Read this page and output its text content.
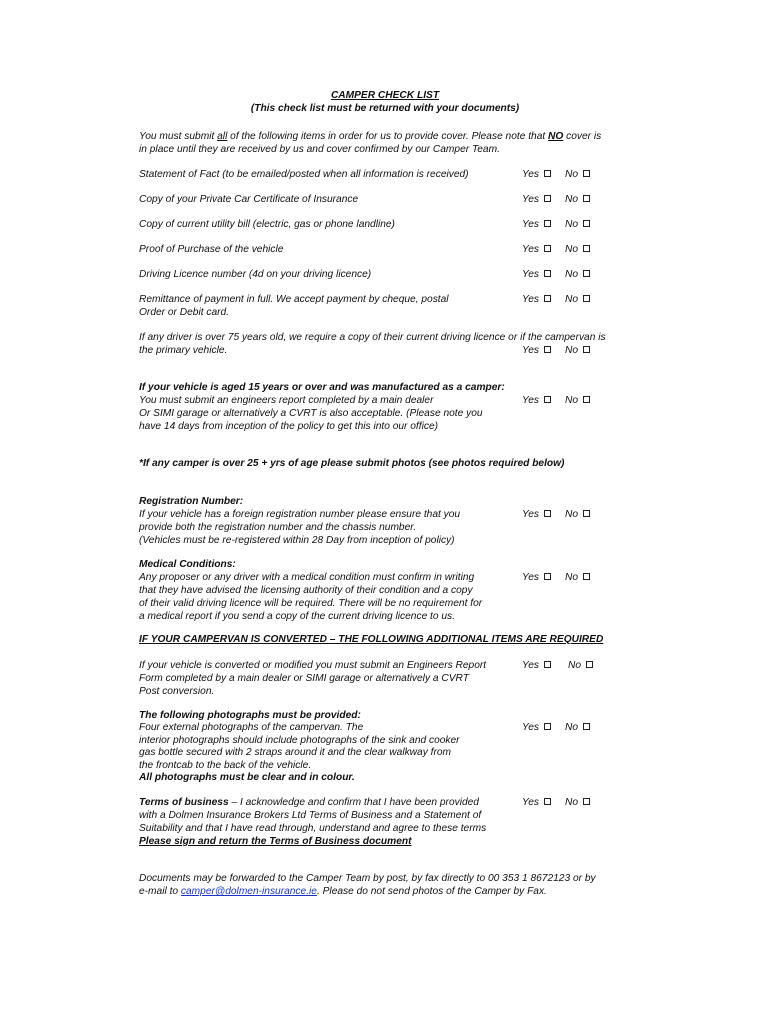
CAMPER CHECK LIST
(This check list must be returned with your documents)
You must submit all of the following items in order for us to provide cover. Please note that NO cover is
in place until they are received by us and cover confirmed by our Camper Team.
Statement of Fact (to be emailed/posted when all information is received)	Yes	No
Copy of your Private Car Certificate of Insurance	Yes	No
Copy of current utility bill (electric, gas or phone landline)	Yes	No
Proof of Purchase of the vehicle	Yes	No
Driving Licence number (4d on your driving licence)	Yes	No
Remittance of payment in full. We accept payment by cheque, postal
Order or Debit card.
Yes	No
If any driver is over 75 years old, we require a copy of their current driving licence or if the campervan is
the primary vehicle.	Yes	No
If your vehicle is aged 15 years or over and was manufactured as a camper:
You must submit an engineers report completed by a main dealer
Or SIMI garage or alternatively a CVRT is also acceptable. (Please note you
have 14 days from inception of the policy to get this into our office)
Yes	No
*If any camper is over 25 + yrs of age please submit photos (see photos required below)
Registration Number:
If your vehicle has a foreign registration number please ensure that you
provide both the registration number and the chassis number.
(Vehicles must be re-registered within 28 Day from inception of policy)
Yes	No
Medical Conditions:
Any proposer or any driver with a medical condition must confirm in writing
that they have advised the licensing authority of their condition and a copy
of their valid driving licence will be required. There will be no requirement for
a medical report if you send a copy of the current driving licence to us.
Yes	No
IF YOUR CAMPERVAN IS CONVERTED – THE FOLLOWING ADDITIONAL ITEMS ARE REQUIRED
If your vehicle is converted or modified you must submit an Engineers Report
Form completed by a main dealer or SIMI garage or alternatively a CVRT
Post conversion.
Yes	No
The following photographs must be provided:
Four external photographs of the campervan. The
interior photographs should include photographs of the sink and cooker
gas bottle secured with 2 straps around it and the clear walkway from
the frontcab to the back of the vehicle.
All photographs must be clear and in colour.
Yes	No
Terms of business – I acknowledge and confirm that I have been provided
with a Dolmen Insurance Brokers Ltd Terms of Business and a Statement of
Suitability and that I have read through, understand and agree to these terms
Please sign and return the Terms of Business document
Yes	No
Documents may be forwarded to the Camper Team by post, by fax directly to 00 353 1 8672123 or by
e-mail to camper@dolmen-insurance.ie. Please do not send photos of the Camper by Fax.
